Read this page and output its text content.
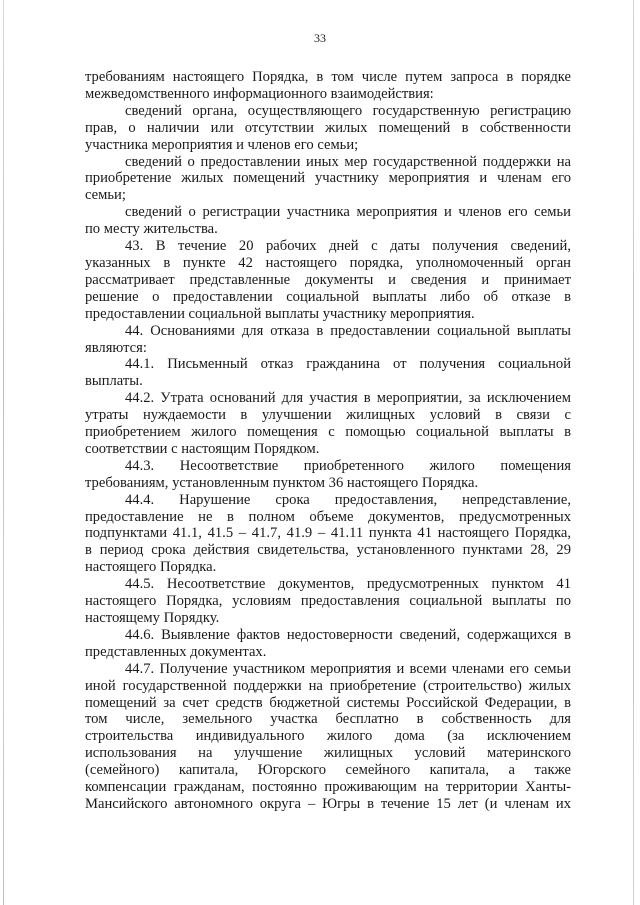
33
требованиям настоящего Порядка, в том числе путем запроса в порядке
межведомственного информационного взаимодействия:
сведений органа, осуществляющего государственную регистрацию
прав, о наличии или отсутствии жилых помещений в собственности
участника мероприятия и членов его семьи;
сведений о предоставлении иных мер государственной поддержки на
приобретение жилых помещений участнику мероприятия и членам его
семьи;
сведений о регистрации участника мероприятия и членов его семьи
по месту жительства.
43. В течение 20 рабочих дней с даты получения сведений,
указанных в пункте 42 настоящего порядка, уполномоченный орган
рассматривает представленные документы и сведения и принимает
решение о предоставлении социальной выплаты либо об отказе в
предоставлении социальной выплаты участнику мероприятия.
44. Основаниями для отказа в предоставлении социальной выплаты
являются:
44.1. Письменный отказ гражданина от получения социальной
выплаты.
44.2. Утрата оснований для участия в мероприятии, за исключением
утраты нуждаемости в улучшении жилищных условий в связи с
приобретением жилого помещения с помощью социальной выплаты в
соответствии с настоящим Порядком.
44.3. Несоответствие приобретенного жилого помещения
требованиям, установленным пунктом 36 настоящего Порядка.
44.4. Нарушение срока предоставления, непредставление,
предоставление не в полном объеме документов, предусмотренных
подпунктами 41.1, 41.5 – 41.7, 41.9 – 41.11 пункта 41 настоящего Порядка,
в период срока действия свидетельства, установленного пунктами 28, 29
настоящего Порядка.
44.5. Несоответствие документов, предусмотренных пунктом 41
настоящего Порядка, условиям предоставления социальной выплаты по
настоящему Порядку.
44.6. Выявление фактов недостоверности сведений, содержащихся в
представленных документах.
44.7. Получение участником мероприятия и всеми членами его семьи
иной государственной поддержки на приобретение (строительство) жилых
помещений за счет средств бюджетной системы Российской Федерации, в
том числе, земельного участка бесплатно в собственность для
строительства индивидуального жилого дома (за исключением
использования на улучшение жилищных условий материнского
(семейного) капитала, Югорского семейного капитала, а также
компенсации гражданам, постоянно проживающим на территории Ханты-
Мансийского автономного округа – Югры в течение 15 лет (и членам их
